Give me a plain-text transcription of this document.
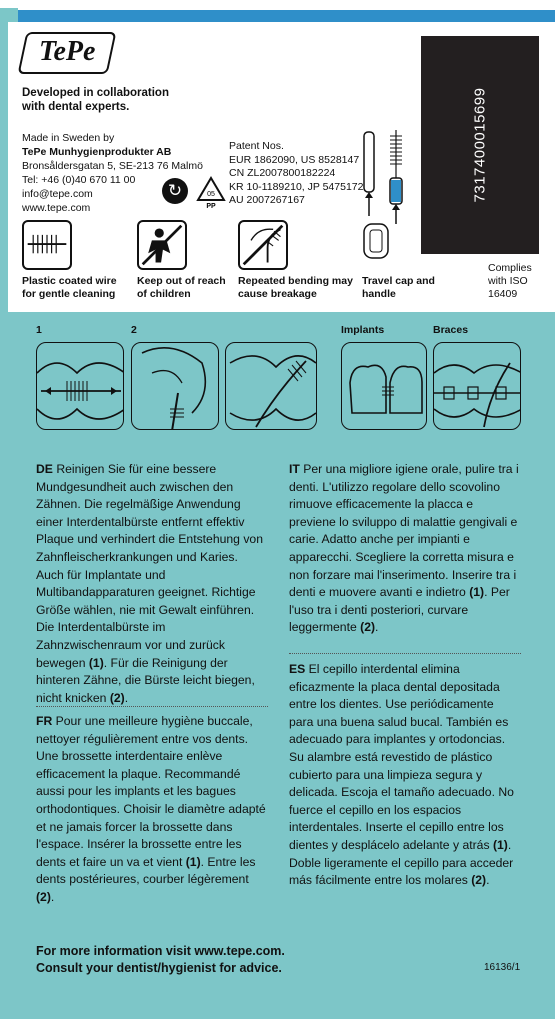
TePe
Developed in collaboration with dental experts.
Made in Sweden by
TePe Munhygienprodukter AB
Bronsåldersgatan 5, SE-213 76 Malmö
Tel: +46 (0)40 670 11 00
info@tepe.com
www.tepe.com
Patent Nos.
EUR 1862090, US 8528147
CN ZL2007800182224
KR 10-1189210, JP 5475172
AU 2007267167
↻	05
PP
7317400015699
Complies with ISO 16409
Plastic coated wire for gentle cleaning
Keep out of reach of children
Repeated bending may cause breakage
Travel cap and handle
1	2	Implants	Braces
DE Reinigen Sie für eine bessere Mundgesundheit auch zwischen den Zähnen. Die regelmäßige Anwendung einer Interdentalbürste entfernt effektiv Plaque und verhindert die Entstehung von Zahnfleischerkrankungen und Karies. Auch für Implantate und Multibandapparaturen geeignet. Richtige Größe wählen, nie mit Gewalt einführen. Die Interdentalbürste im Zahnzwischenraum vor und zurück bewegen (1). Für die Reinigung der hinteren Zähne, die Bürste leicht biegen, nicht knicken (2).
FR Pour une meilleure hygiène buccale, nettoyer régulièrement entre vos dents. Une brossette interdentaire enlève efficacement la plaque. Recommandé aussi pour les implants et les bagues orthodontiques. Choisir le diamètre adapté et ne jamais forcer la brossette dans l'espace. Insérer la brossette entre les dents et faire un va et vient (1). Entre les dents postérieures, courber légèrement (2).
IT Per una migliore igiene orale, pulire tra i denti. L'utilizzo regolare dello scovolino rimuove efficacemente la placca e previene lo sviluppo di malattie gengivali e carie. Adatto anche per impianti e apparecchi. Scegliere la corretta misura e non forzare mai l'inserimento. Inserire tra i denti e muovere avanti e indietro (1). Per l'uso tra i denti posteriori, curvare leggermente (2).
ES El cepillo interdental elimina eficazmente la placa dental depositada entre los dientes. Use periódicamente para una buena salud bucal. También es adecuado para implantes y ortodoncias. Su alambre está revestido de plástico cubierto para una limpieza segura y delicada. Escoja el tamaño adecuado. No fuerce el cepillo en los espacios interdentales. Inserte el cepillo entre los dientes y desplácelo adelante y atrás (1). Doble ligeramente el cepillo para acceder más fácilmente entre los molares (2).
For more information visit www.tepe.com.
Consult your dentist/hygienist for advice.	16136/1
